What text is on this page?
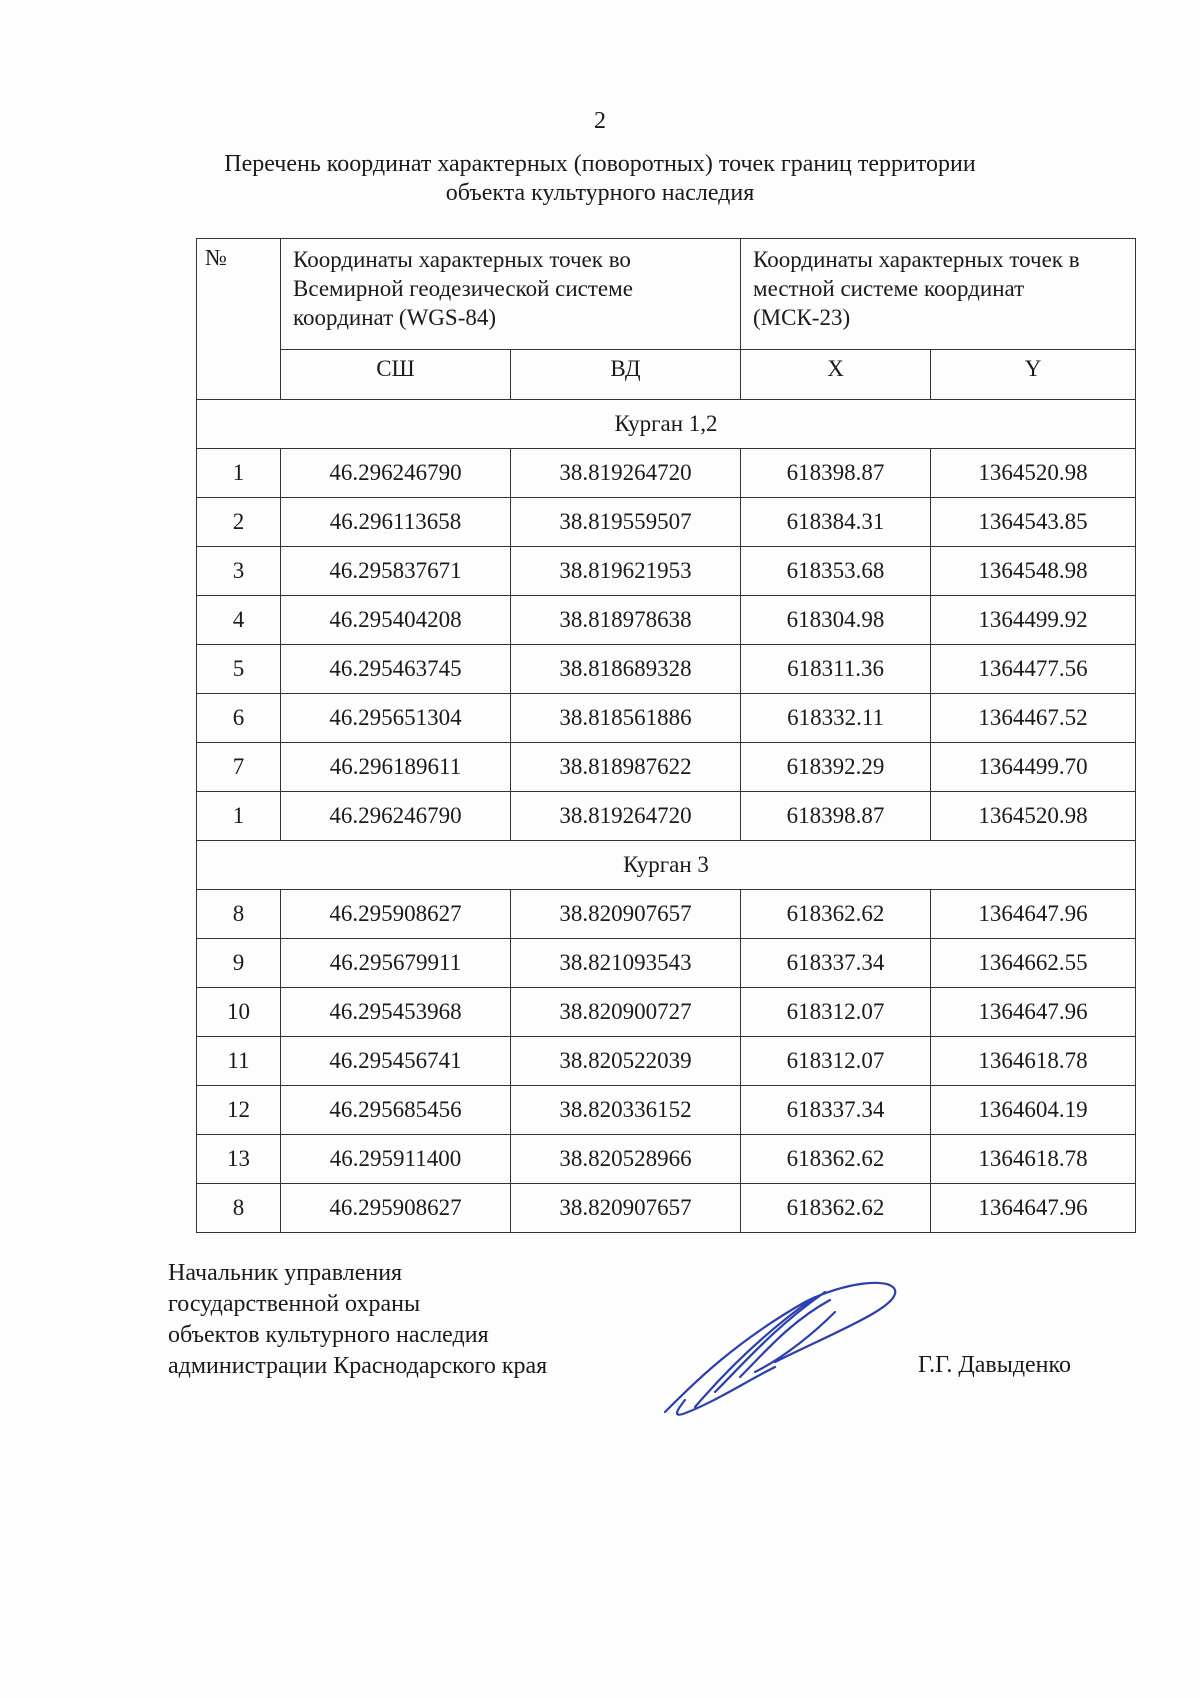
2
Перечень координат характерных (поворотных) точек границ территории
объекта культурного наследия
№	Координаты характерных точек во Всемирной геодезической системе координат (WGS-84)		Координаты характерных точек в местной системе координат (МСК-23)	
	СШ	ВД	X	Y
Курган 1,2				
1	46.296246790	38.819264720	618398.87	1364520.98
2	46.296113658	38.819559507	618384.31	1364543.85
3	46.295837671	38.819621953	618353.68	1364548.98
4	46.295404208	38.818978638	618304.98	1364499.92
5	46.295463745	38.818689328	618311.36	1364477.56
6	46.295651304	38.818561886	618332.11	1364467.52
7	46.296189611	38.818987622	618392.29	1364499.70
1	46.296246790	38.819264720	618398.87	1364520.98
Курган 3				
8	46.295908627	38.820907657	618362.62	1364647.96
9	46.295679911	38.821093543	618337.34	1364662.55
10	46.295453968	38.820900727	618312.07	1364647.96
11	46.295456741	38.820522039	618312.07	1364618.78
12	46.295685456	38.820336152	618337.34	1364604.19
13	46.295911400	38.820528966	618362.62	1364618.78
8	46.295908627	38.820907657	618362.62	1364647.96
Начальник управления
государственной охраны
объектов культурного наследия
администрации Краснодарского края	Г.Г. Давыденко
